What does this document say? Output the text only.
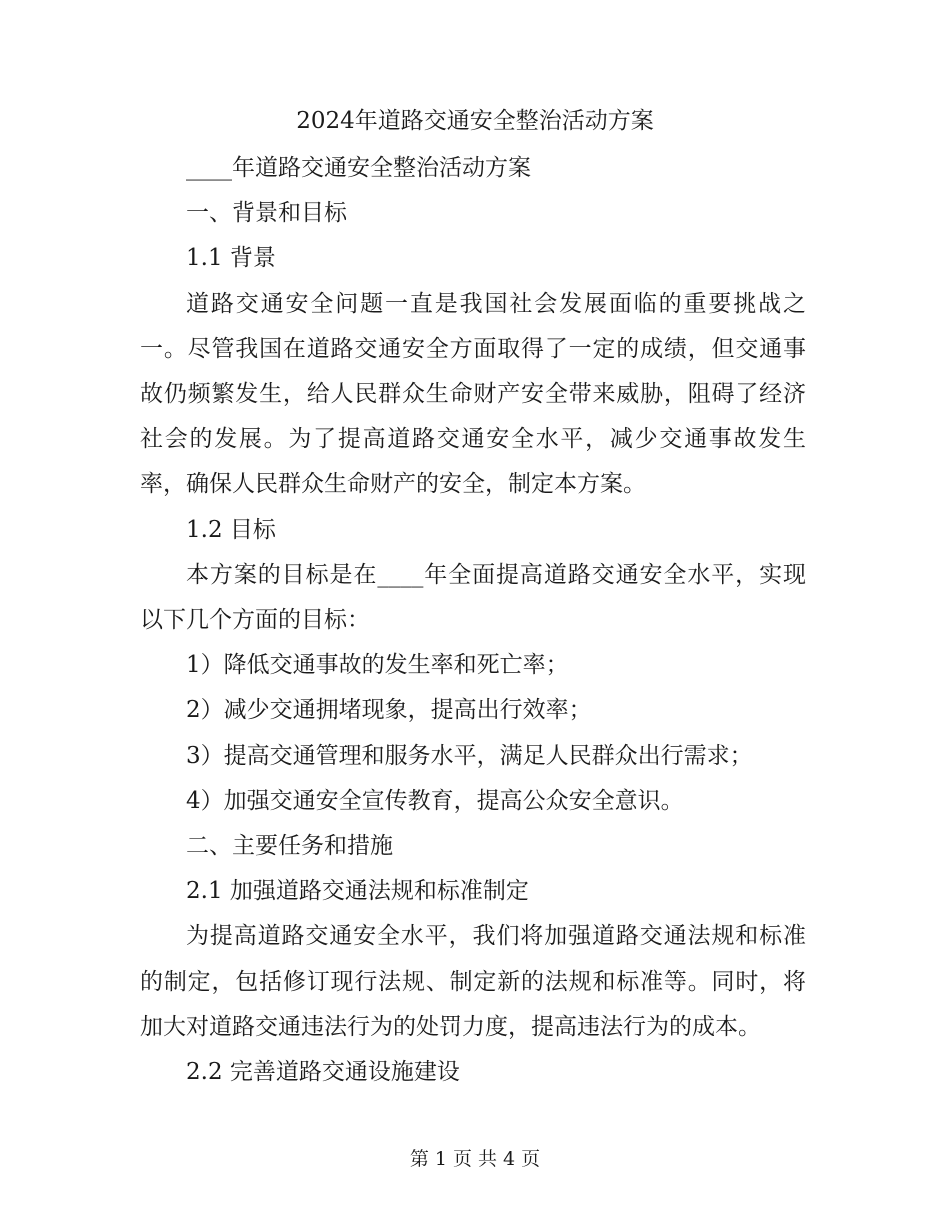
2024年道路交通安全整治活动方案

____年道路交通安全整治活动方案

一、背景和目标

1.1 背景

道路交通安全问题一直是我国社会发展面临的重要挑战之一。尽管我国在道路交通安全方面取得了一定的成绩，但交通事故仍频繁发生，给人民群众生命财产安全带来威胁，阻碍了经济社会的发展。为了提高道路交通安全水平，减少交通事故发生率，确保人民群众生命财产的安全，制定本方案。

1.2 目标

本方案的目标是在____年全面提高道路交通安全水平，实现以下几个方面的目标：

1）降低交通事故的发生率和死亡率；

2）减少交通拥堵现象，提高出行效率；

3）提高交通管理和服务水平，满足人民群众出行需求；

4）加强交通安全宣传教育，提高公众安全意识。

二、主要任务和措施

2.1 加强道路交通法规和标准制定

为提高道路交通安全水平，我们将加强道路交通法规和标准的制定，包括修订现行法规、制定新的法规和标准等。同时，将加大对道路交通违法行为的处罚力度，提高违法行为的成本。

2.2 完善道路交通设施建设

第 1 页 共 4 页
